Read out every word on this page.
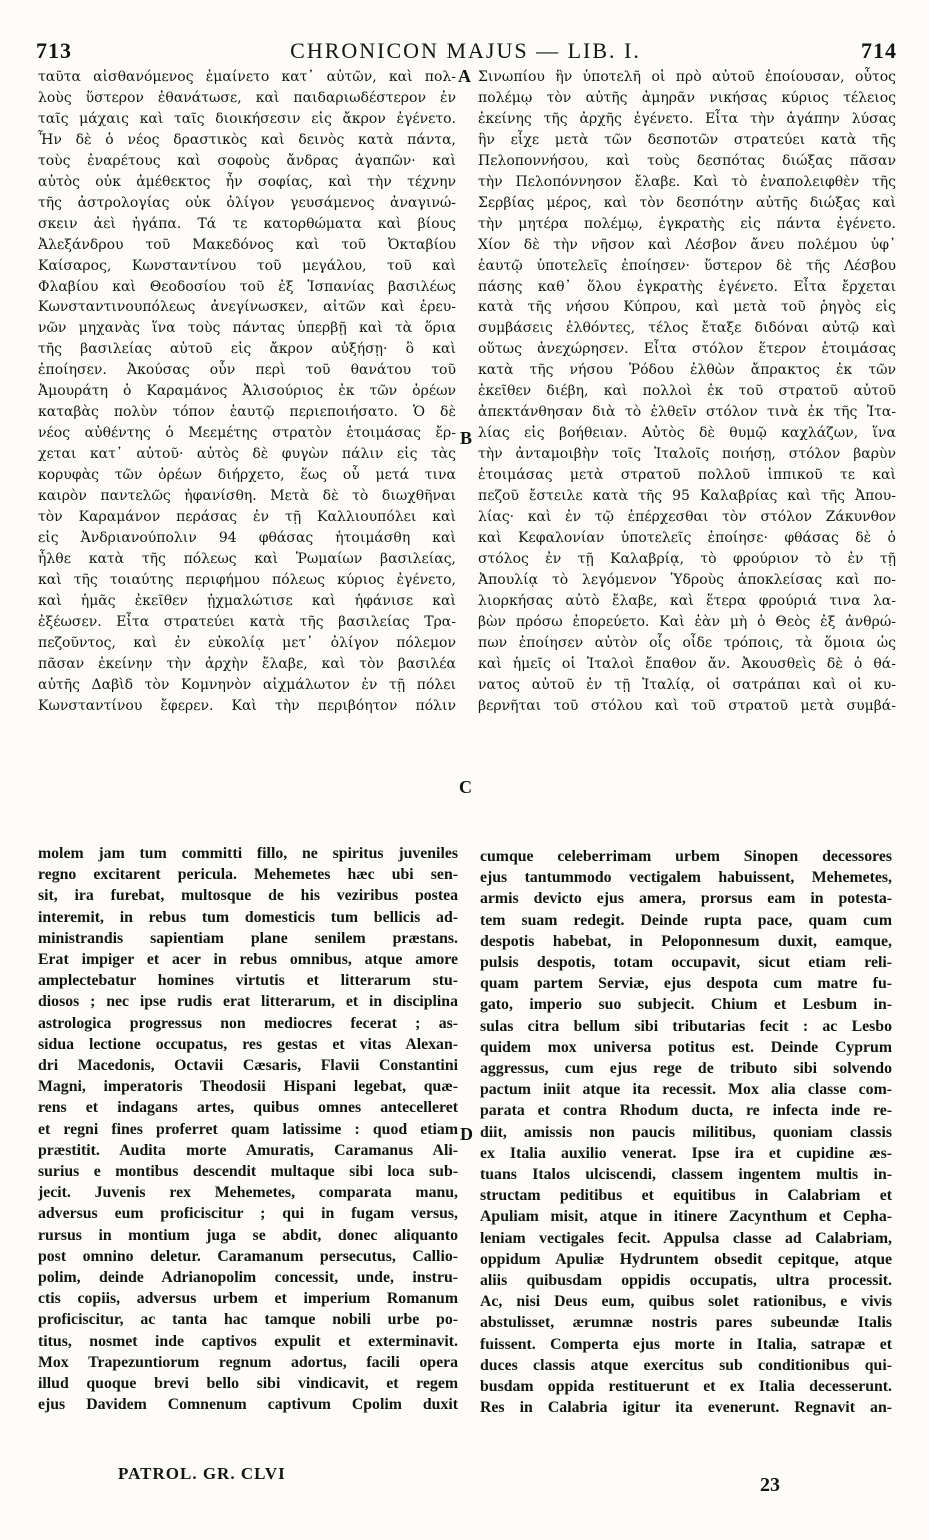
713	CHRONICON MAJUS — LIB. I.	714
ταῦτα αἰσθανόμενος ἐμαίνετο κατ᾽ αὐτῶν, καὶ πολ-
λοὺς ὕστερον ἐθανάτωσε, καὶ παιδαριωδέστερον ἐν
ταῖς μάχαις καὶ ταῖς διοικήσεσιν εἰς ἄκρον ἐγένετο.
Ἦν δὲ ὁ νέος δραστικὸς καὶ δεινὸς κατὰ πάντα,
τοὺς ἐναρέτους καὶ σοφοὺς ἄνδρας ἀγαπῶν· καὶ
αὐτὸς οὐκ ἀμέθεκτος ἦν σοφίας, καὶ τὴν τέχνην
τῆς ἀστρολογίας οὐκ ὀλίγον γευσάμενος ἀναγινώ-
σκειν ἀεὶ ἠγάπα. Τά τε κατορθώματα καὶ βίους
Ἀλεξάνδρου τοῦ Μακεδόνος καὶ τοῦ Ὀκταβίου
Καίσαρος, Κωνσταντίνου τοῦ μεγάλου, τοῦ καὶ
Φλαβίου καὶ Θεοδοσίου τοῦ ἐξ Ἱσπανίας βασιλέως
Κωνσταντινουπόλεως ἀνεγίνωσκεν, αἰτῶν καὶ ἐρευ-
νῶν μηχανὰς ἵνα τοὺς πάντας ὑπερβῇ καὶ τὰ ὅρια
τῆς βασιλείας αὐτοῦ εἰς ἄκρον αὐξήσῃ· ὃ καὶ
ἐποίησεν. Ἀκούσας οὖν περὶ τοῦ θανάτου τοῦ
Ἀμουράτη ὁ Καραμάνος Ἀλισούριος ἐκ τῶν ὀρέων
καταβὰς πολὺν τόπον ἑαυτῷ περιεποιήσατο. Ὁ δὲ
νέος αὐθέντης ὁ Μεεμέτης στρατὸν ἑτοιμάσας ἔρ-
χεται κατ᾽ αὐτοῦ· αὐτὸς δὲ φυγὼν πάλιν εἰς τὰς
κορυφὰς τῶν ὀρέων διήρχετο, ἕως οὗ μετά τινα
καιρὸν παντελῶς ἠφανίσθη. Μετὰ δὲ τὸ διωχθῆναι
τὸν Καραμάνον περάσας ἐν τῇ Καλλιουπόλει καὶ
εἰς Ἀνδριανούπολιν 94 φθάσας ἡτοιμάσθη καὶ
ἦλθε κατὰ τῆς πόλεως καὶ Ῥωμαίων βασιλείας,
καὶ τῆς τοιαύτης περιφήμου πόλεως κύριος ἐγένετο,
καὶ ἡμᾶς ἐκεῖθεν ᾐχμαλώτισε καὶ ἠφάνισε καὶ
ἐξέωσεν. Εἶτα στρατεύει κατὰ τῆς βασιλείας Τρα-
πεζοῦντος, καὶ ἐν εὐκολίᾳ μετ᾽ ὀλίγον πόλεμον
πᾶσαν ἐκείνην τὴν ἀρχὴν ἔλαβε, καὶ τὸν βασιλέα
αὐτῆς Δαβὶδ τὸν Κομνηνὸν αἰχμάλωτον ἐν τῇ πόλει
Κωνσταντίνου ἔφερεν. Καὶ τὴν περιβόητον πόλιν
Σινωπίου ἣν ὑποτελῆ οἱ πρὸ αὐτοῦ ἐποίουσαν, οὗτος
πολέμῳ τὸν αὐτῆς ἀμηρᾶν νικήσας κύριος τέλειος
ἐκείνης τῆς ἀρχῆς ἐγένετο. Εἶτα τὴν ἀγάπην λύσας
ἣν εἶχε μετὰ τῶν δεσποτῶν στρατεύει κατὰ τῆς
Πελοποννήσου, καὶ τοὺς δεσπότας διώξας πᾶσαν
τὴν Πελοπόννησον ἔλαβε. Καὶ τὸ ἐναπολειφθὲν τῆς
Σερβίας μέρος, καὶ τὸν δεσπότην αὐτῆς διώξας καὶ
τὴν μητέρα πολέμῳ, ἐγκρατὴς εἰς πάντα ἐγένετο.
Χίον δὲ τὴν νῆσον καὶ Λέσβον ἄνευ πολέμου ὑφ᾽
ἑαυτῷ ὑποτελεῖς ἐποίησεν· ὕστερον δὲ τῆς Λέσβου
πάσης καθ᾽ ὅλου ἐγκρατὴς ἐγένετο. Εἶτα ἔρχεται
κατὰ τῆς νήσου Κύπρου, καὶ μετὰ τοῦ ῥηγὸς εἰς
συμβάσεις ἐλθόντες, τέλος ἔταξε διδόναι αὐτῷ καὶ
οὕτως ἀνεχώρησεν. Εἶτα στόλον ἕτερον ἑτοιμάσας
κατὰ τῆς νήσου Ῥόδου ἐλθὼν ἄπρακτος ἐκ τῶν
ἐκεῖθεν διέβη, καὶ πολλοὶ ἐκ τοῦ στρατοῦ αὐτοῦ
ἀπεκτάνθησαν διὰ τὸ ἐλθεῖν στόλον τινὰ ἐκ τῆς Ἰτα-
λίας εἰς βοήθειαν. Αὐτὸς δὲ θυμῷ καχλάζων, ἵνα
τὴν ἀνταμοιβὴν τοῖς Ἰταλοῖς ποιήσῃ, στόλον βαρὺν
ἑτοιμάσας μετὰ στρατοῦ πολλοῦ ἱππικοῦ τε καὶ
πεζοῦ ἔστειλε κατὰ τῆς 95 Καλαβρίας καὶ τῆς Ἀπου-
λίας· καὶ ἐν τῷ ἐπέρχεσθαι τὸν στόλον Ζάκυνθον
καὶ Κεφαλονίαν ὑποτελεῖς ἐποίησε· φθάσας δὲ ὁ
στόλος ἐν τῇ Καλαβρίᾳ, τὸ φρούριον τὸ ἐν τῇ
Ἀπουλίᾳ τὸ λεγόμενον Ὑδροὺς ἀποκλείσας καὶ πο-
λιορκήσας αὐτὸ ἔλαβε, καὶ ἕτερα φρούριά τινα λα-
βὼν πρόσω ἐπορεύετο. Καὶ ἐὰν μὴ ὁ Θεὸς ἐξ ἀνθρώ-
πων ἐποίησεν αὐτὸν οἷς οἶδε τρόποις, τὰ ὅμοια ὡς
καὶ ἡμεῖς οἱ Ἰταλοὶ ἔπαθον ἄν. Ἀκουσθεὶς δὲ ὁ θά-
νατος αὐτοῦ ἐν τῇ Ἰταλίᾳ, οἱ σατράπαι καὶ οἱ κυ-
βερνῆται τοῦ στόλου καὶ τοῦ στρατοῦ μετὰ συμβά-
A
B
C
D
molem jam tum committi fillo, ne spiritus juveniles
regno excitarent pericula. Mehemetes hæc ubi sen-
sit, ira furebat, multosque de his veziribus postea
interemit, in rebus tum domesticis tum bellicis ad-
ministrandis sapientiam plane senilem præstans.
Erat impiger et acer in rebus omnibus, atque amore
amplectebatur homines virtutis et litterarum stu-
diosos ; nec ipse rudis erat litterarum, et in disciplina
astrologica progressus non mediocres fecerat ; as-
sidua lectione occupatus, res gestas et vitas Alexan-
dri Macedonis, Octavii Cæsaris, Flavii Constantini
Magni, imperatoris Theodosii Hispani legebat, quæ-
rens et indagans artes, quibus omnes antecelleret
et regni fines proferret quam latissime : quod etiam
præstitit. Audita morte Amuratis, Caramanus Ali-
surius e montibus descendit multaque sibi loca sub-
jecit. Juvenis rex Mehemetes, comparata manu,
adversus eum proficiscitur ; qui in fugam versus,
rursus in montium juga se abdit, donec aliquanto
post omnino deletur. Caramanum persecutus, Callio-
polim, deinde Adrianopolim concessit, unde, instru-
ctis copiis, adversus urbem et imperium Romanum
proficiscitur, ac tanta hac tamque nobili urbe po-
titus, nosmet inde captivos expulit et exterminavit.
Mox Trapezuntiorum regnum adortus, facili opera
illud quoque brevi bello sibi vindicavit, et regem
ejus Davidem Comnenum captivum Cpolim duxit
cumque celeberrimam urbem Sinopen decessores
ejus tantummodo vectigalem habuissent, Mehemetes,
armis devicto ejus amera, prorsus eam in potesta-
tem suam redegit. Deinde rupta pace, quam cum
despotis habebat, in Peloponnesum duxit, eamque,
pulsis despotis, totam occupavit, sicut etiam reli-
quam partem Serviæ, ejus despota cum matre fu-
gato, imperio suo subjecit. Chium et Lesbum in-
sulas citra bellum sibi tributarias fecit : ac Lesbo
quidem mox universa potitus est. Deinde Cyprum
aggressus, cum ejus rege de tributo sibi solvendo
pactum iniit atque ita recessit. Mox alia classe com-
parata et contra Rhodum ducta, re infecta inde re-
diit, amissis non paucis militibus, quoniam classis
ex Italia auxilio venerat. Ipse ira et cupidine æs-
tuans Italos ulciscendi, classem ingentem multis in-
structam peditibus et equitibus in Calabriam et
Apuliam misit, atque in itinere Zacynthum et Cepha-
leniam vectigales fecit. Appulsa classe ad Calabriam,
oppidum Apuliæ Hydruntem obsedit cepitque, atque
aliis quibusdam oppidis occupatis, ultra processit.
Ac, nisi Deus eum, quibus solet rationibus, e vivis
abstulisset, ærumnæ nostris pares subeundæ Italis
fuissent. Comperta ejus morte in Italia, satrapæ et
duces classis atque exercitus sub conditionibus qui-
busdam oppida restituerunt et ex Italia decesserunt.
Res in Calabria igitur ita evenerunt. Regnavit an-
PATROL. GR. CLVI
23
